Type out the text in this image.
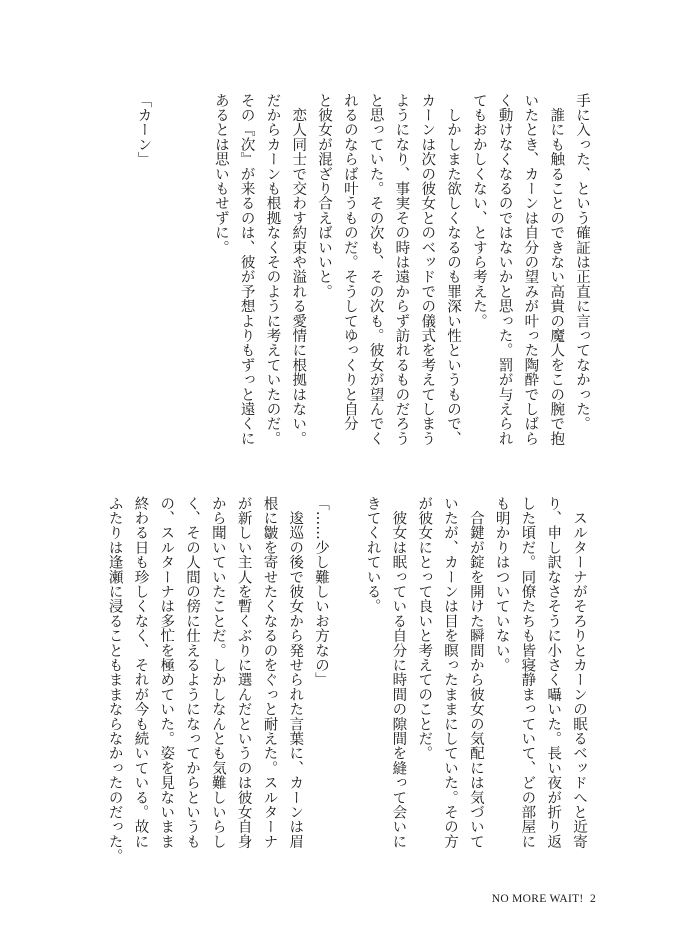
手に入った、という確証は正直に言ってなかった。
　誰にも触ることのできない高貴の魔人をこの腕で抱
いたとき、カーンは自分の望みが叶った陶酔でしばら
く動けなくなるのではないかと思った。罰が与えられ
てもおかしくない、とすら考えた。
　しかしまた欲しくなるのも罪深い性というもので、
カーンは次の彼女とのベッドでの儀式を考えてしまう
ようになり、事実その時は遠からず訪れるものだろう
と思っていた。その次も、その次も。彼女が望んでく
れるのならば叶うものだ。そうしてゆっくりと自分
と彼女が混ざり合えばいいと。
　恋人同士で交わす約束や溢れる愛情に根拠はない。
だからカーンも根拠なくそのように考えていたのだ。
その『次』が来るのは、彼が予想よりもずっと遠くに
あるとは思いもせずに。

「カーン」
　スルターナがそろりとカーンの眠るベッドへと近寄
り、申し訳なさそうに小さく囁いた。長い夜が折り返
した頃だ。同僚たちも皆寝静まっていて、どの部屋に
も明かりはついていない。
　合鍵が錠を開けた瞬間から彼女の気配には気づいて
いたが、カーンは目を瞑ったままにしていた。その方
が彼女にとって良いと考えてのことだ。
　彼女は眠っている自分に時間の隙間を縫って会いに
きてくれている。

「……少し難しいお方なの」
　逡巡の後で彼女から発せられた言葉に、カーンは眉
根に皺を寄せたくなるのをぐっと耐えた。スルターナ
が新しい主人を暫くぶりに選んだというのは彼女自身
から聞いていたことだ。しかしなんとも気難しいらし
く、その人間の傍に仕えるようになってからというも
の、スルターナは多忙を極めていた。姿を見ないまま
終わる日も珍しくなく、それが今も続いている。故に
ふたりは逢瀬に浸ることもままならなかったのだった。
NO MORE WAIT! 2
